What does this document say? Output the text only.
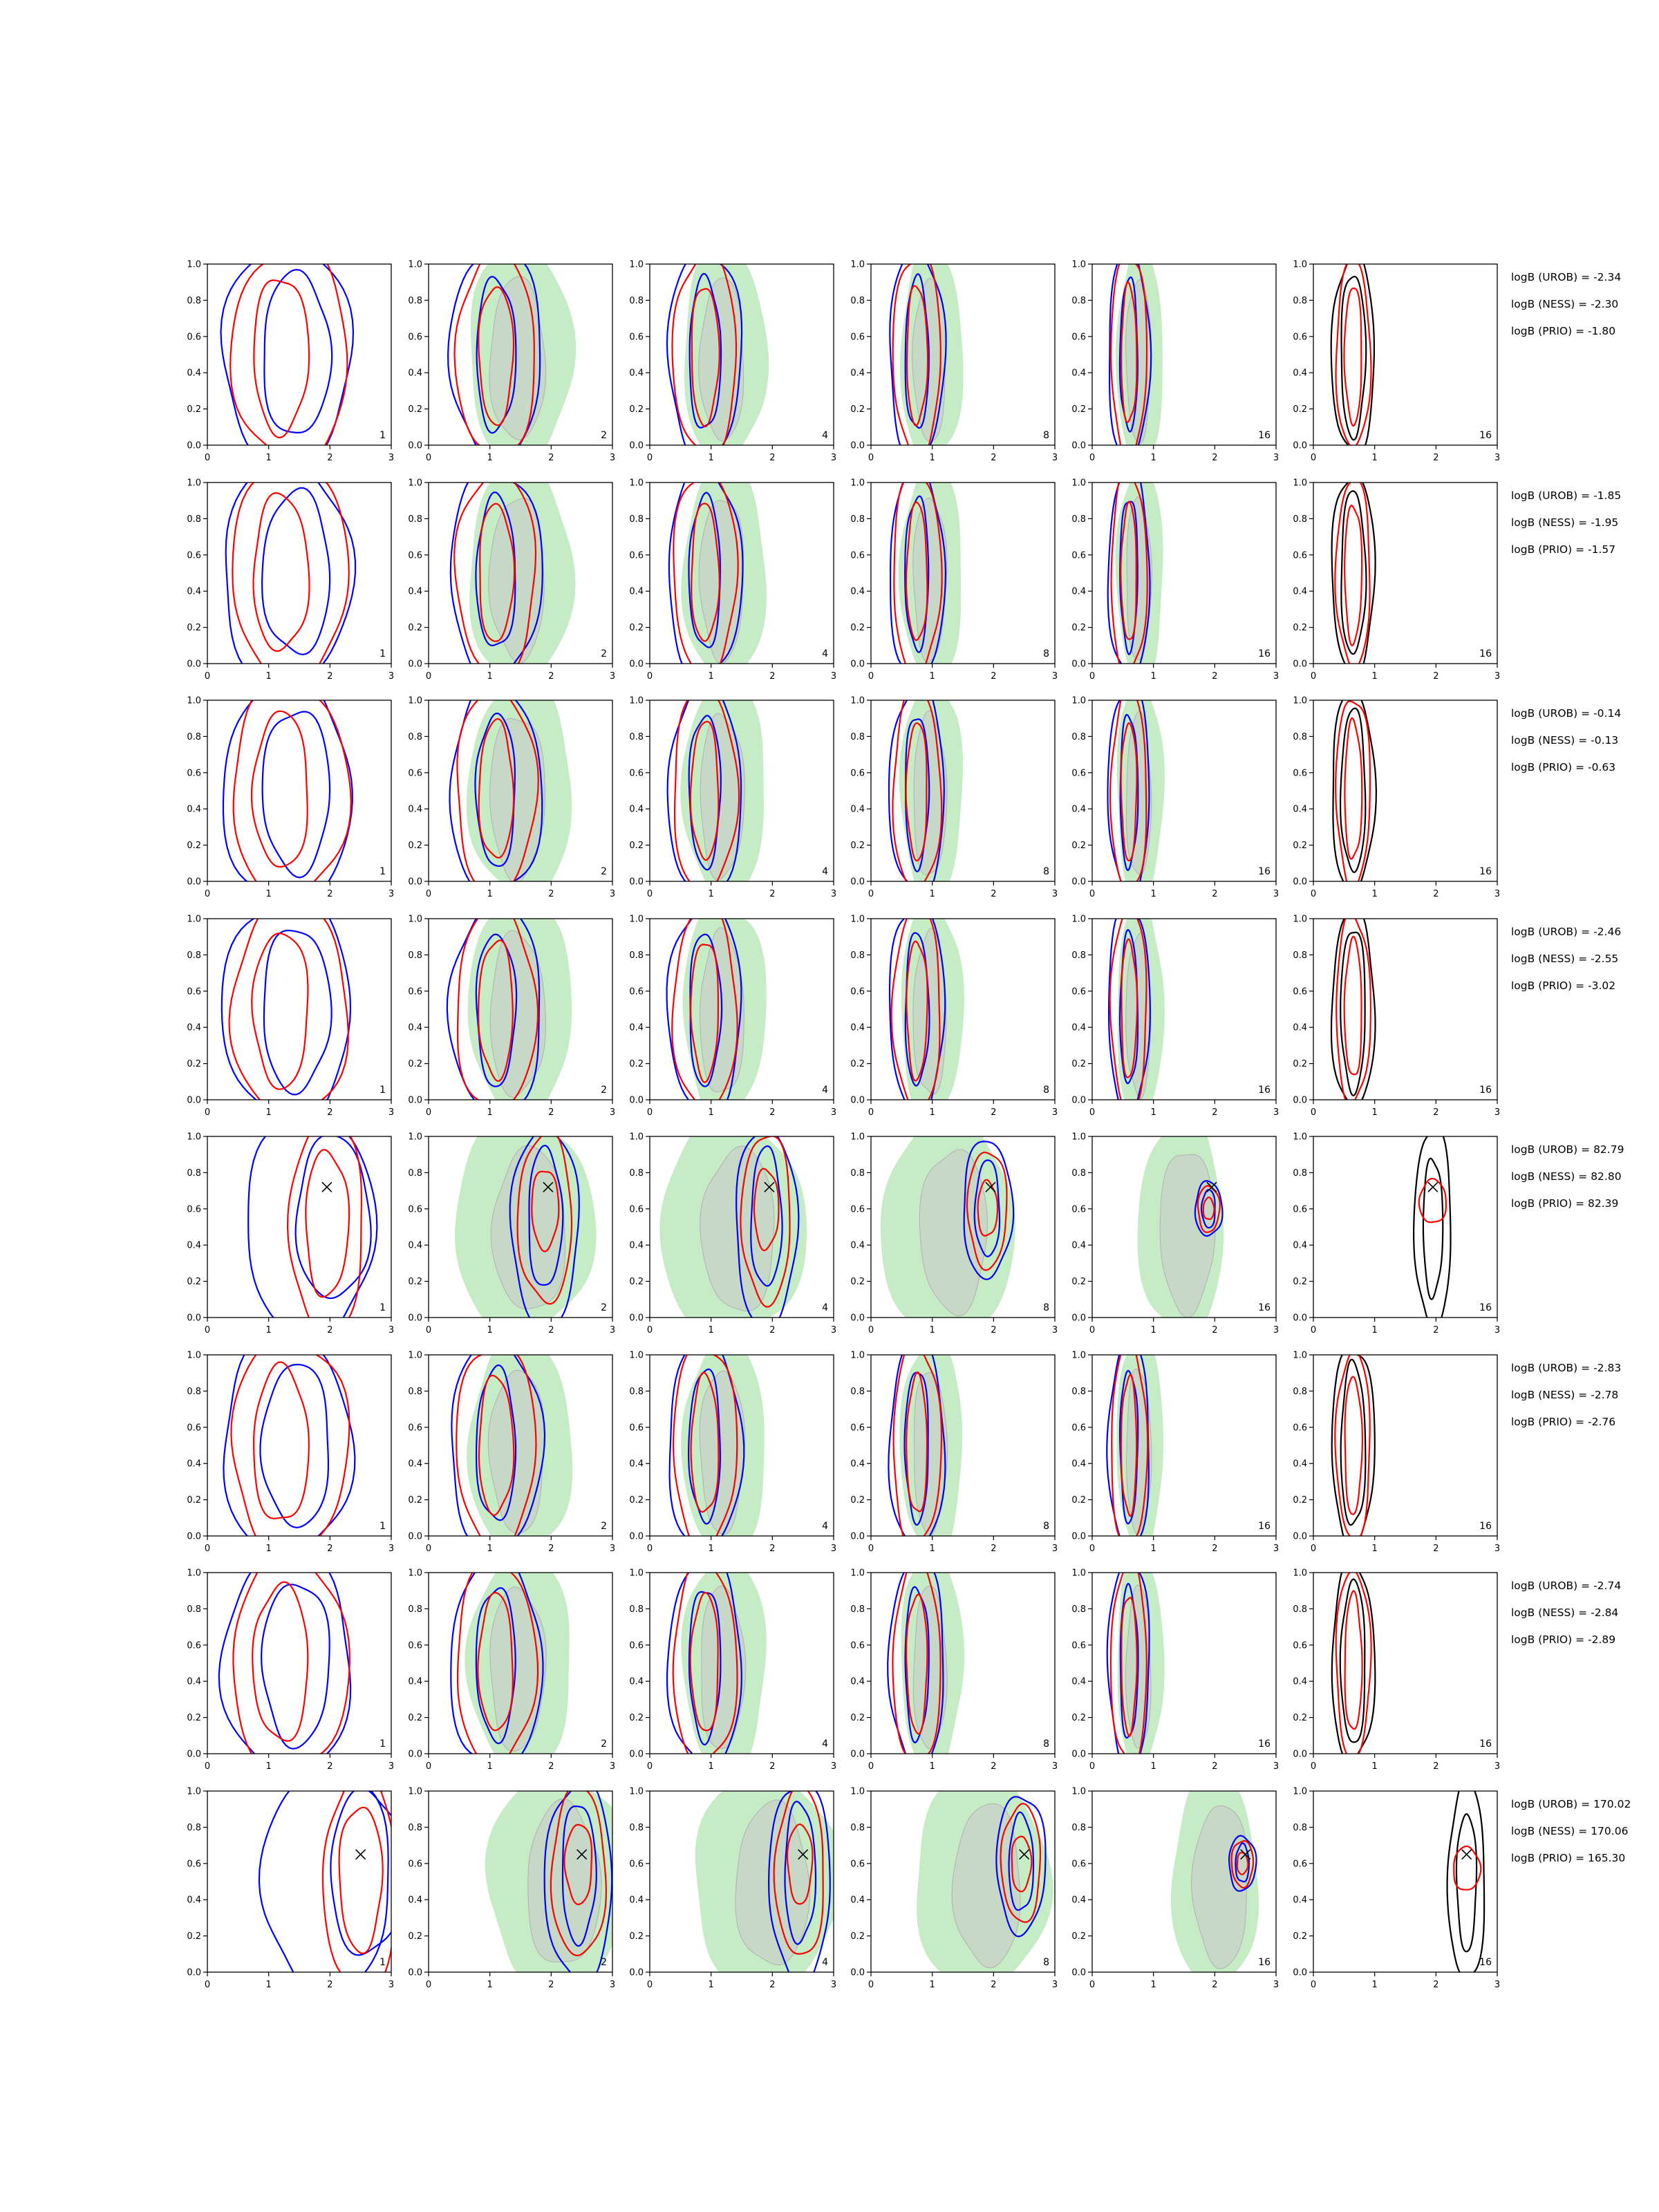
0	1	2	3
0.0
0.2
0.4
0.6
0.8
1.0
1
0	1	2	3
0.0
0.2
0.4
0.6
0.8
1.0
2
0	1	2	3
0.0
0.2
0.4
0.6
0.8
1.0
4
0	1	2	3
0.0
0.2
0.4
0.6
0.8
1.0
8
0	1	2	3
0.0
0.2
0.4
0.6
0.8
1.0
16
0	1	2	3
0.0
0.2
0.4
0.6
0.8
1.0
16
logB (UROB) = -2.34
logB (NESS) = -2.30
logB (PRIO) = -1.80
0	1	2	3
0.0
0.2
0.4
0.6
0.8
1.0
1
0	1	2	3
0.0
0.2
0.4
0.6
0.8
1.0
2
0	1	2	3
0.0
0.2
0.4
0.6
0.8
1.0
4
0	1	2	3
0.0
0.2
0.4
0.6
0.8
1.0
8
0	1	2	3
0.0
0.2
0.4
0.6
0.8
1.0
16
0	1	2	3
0.0
0.2
0.4
0.6
0.8
1.0
16
logB (UROB) = -1.85
logB (NESS) = -1.95
logB (PRIO) = -1.57
0	1	2	3
0.0
0.2
0.4
0.6
0.8
1.0
1
0	1	2	3
0.0
0.2
0.4
0.6
0.8
1.0
2
0	1	2	3
0.0
0.2
0.4
0.6
0.8
1.0
4
0	1	2	3
0.0
0.2
0.4
0.6
0.8
1.0
8
0	1	2	3
0.0
0.2
0.4
0.6
0.8
1.0
16
0	1	2	3
0.0
0.2
0.4
0.6
0.8
1.0
16
logB (UROB) = -0.14
logB (NESS) = -0.13
logB (PRIO) = -0.63
0	1	2	3
0.0
0.2
0.4
0.6
0.8
1.0
1
0	1	2	3
0.0
0.2
0.4
0.6
0.8
1.0
2
0	1	2	3
0.0
0.2
0.4
0.6
0.8
1.0
4
0	1	2	3
0.0
0.2
0.4
0.6
0.8
1.0
8
0	1	2	3
0.0
0.2
0.4
0.6
0.8
1.0
16
0	1	2	3
0.0
0.2
0.4
0.6
0.8
1.0
16
logB (UROB) = -2.46
logB (NESS) = -2.55
logB (PRIO) = -3.02
0	1	2	3
0.0
0.2
0.4
0.6
0.8
1.0
1
0	1	2	3
0.0
0.2
0.4
0.6
0.8
1.0
2
0	1	2	3
0.0
0.2
0.4
0.6
0.8
1.0
4
0	1	2	3
0.0
0.2
0.4
0.6
0.8
1.0
8
0	1	2	3
0.0
0.2
0.4
0.6
0.8
1.0
16
0	1	2	3
0.0
0.2
0.4
0.6
0.8
1.0
16
logB (UROB) = 82.79
logB (NESS) = 82.80
logB (PRIO) = 82.39
0	1	2	3
0.0
0.2
0.4
0.6
0.8
1.0
1
0	1	2	3
0.0
0.2
0.4
0.6
0.8
1.0
2
0	1	2	3
0.0
0.2
0.4
0.6
0.8
1.0
4
0	1	2	3
0.0
0.2
0.4
0.6
0.8
1.0
8
0	1	2	3
0.0
0.2
0.4
0.6
0.8
1.0
16
0	1	2	3
0.0
0.2
0.4
0.6
0.8
1.0
16
logB (UROB) = -2.83
logB (NESS) = -2.78
logB (PRIO) = -2.76
0	1	2	3
0.0
0.2
0.4
0.6
0.8
1.0
1
0	1	2	3
0.0
0.2
0.4
0.6
0.8
1.0
2
0	1	2	3
0.0
0.2
0.4
0.6
0.8
1.0
4
0	1	2	3
0.0
0.2
0.4
0.6
0.8
1.0
8
0	1	2	3
0.0
0.2
0.4
0.6
0.8
1.0
16
0	1	2	3
0.0
0.2
0.4
0.6
0.8
1.0
16
logB (UROB) = -2.74
logB (NESS) = -2.84
logB (PRIO) = -2.89
0	1	2	3
0.0
0.2
0.4
0.6
0.8
1.0
1
0	1	2	3
0.0
0.2
0.4
0.6
0.8
1.0
2
0	1	2	3
0.0
0.2
0.4
0.6
0.8
1.0
4
0	1	2	3
0.0
0.2
0.4
0.6
0.8
1.0
8
0	1	2	3
0.0
0.2
0.4
0.6
0.8
1.0
16
0	1	2	3
0.0
0.2
0.4
0.6
0.8
1.0
16
logB (UROB) = 170.02
logB (NESS) = 170.06
logB (PRIO) = 165.30
